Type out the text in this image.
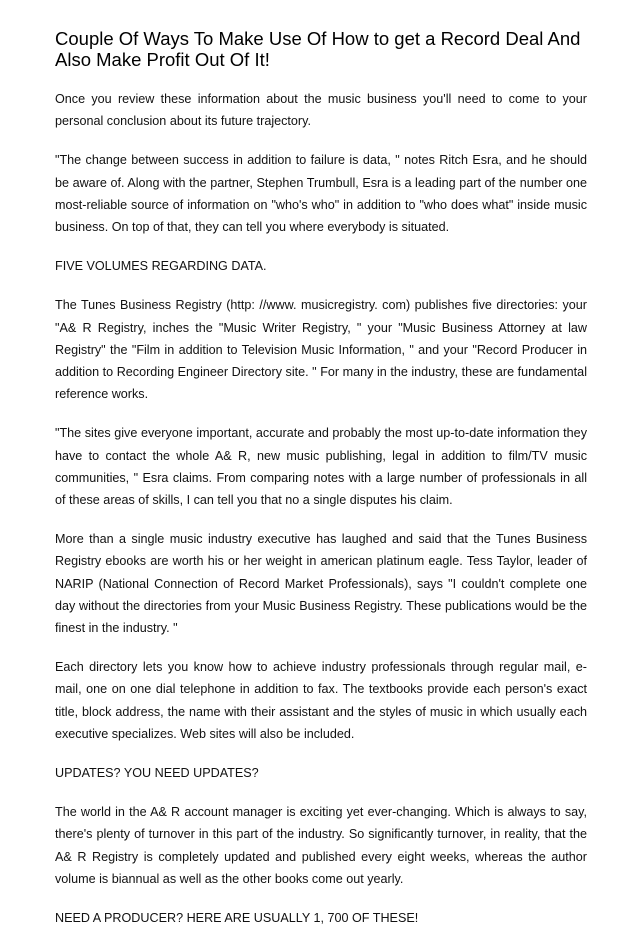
Couple Of Ways To Make Use Of How to get a Record Deal And Also Make Profit Out Of It!

Once you review these information about the music business you'll need to come to your personal conclusion about its future trajectory.

"The change between success in addition to failure is data, " notes Ritch Esra, and he should be aware of. Along with the partner, Stephen Trumbull, Esra is a leading part of the number one most-reliable source of information on "who's who" in addition to "who does what" inside music business. On top of that, they can tell you where everybody is situated.

FIVE VOLUMES REGARDING DATA.

The Tunes Business Registry (http: //www. musicregistry. com) publishes five directories: your "A& R Registry, inches the "Music Writer Registry, " your "Music Business Attorney at law Registry" the "Film in addition to Television Music Information, " and your "Record Producer in addition to Recording Engineer Directory site. " For many in the industry, these are fundamental reference works.

"The sites give everyone important, accurate and probably the most up-to-date information they have to contact the whole A& R, new music publishing, legal in addition to film/TV music communities, " Esra claims. From comparing notes with a large number of professionals in all of these areas of skills, I can tell you that no a single disputes his claim.

More than a single music industry executive has laughed and said that the Tunes Business Registry ebooks are worth his or her weight in american platinum eagle. Tess Taylor, leader of NARIP (National Connection of Record Market Professionals), says "I couldn't complete one day without the directories from your Music Business Registry. These publications would be the finest in the industry. "

Each directory lets you know how to achieve industry professionals through regular mail, e-mail, one on one dial telephone in addition to fax. The textbooks provide each person's exact title, block address, the name with their assistant and the styles of music in which usually each executive specializes. Web sites will also be included.

UPDATES? YOU NEED UPDATES?

The world in the A& R account manager is exciting yet ever-changing. Which is always to say, there's plenty of turnover in this part of the industry. So significantly turnover, in reality, that the A& R Registry is completely updated and published every eight weeks, whereas the author volume is biannual as well as the other books come out yearly.

NEED A PRODUCER? HERE ARE USUALLY 1, 700 OF THESE!
